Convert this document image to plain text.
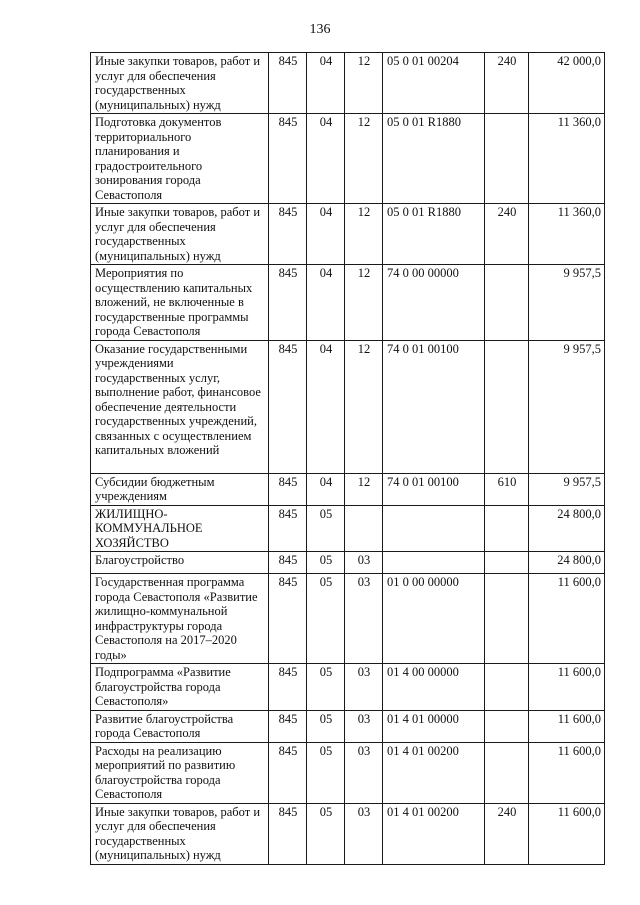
136
Иные закупки товаров, работ и услуг для обеспечения государственных (муниципальных) нужд	845	04	12	05 0 01 00204	240	42 000,0
Подготовка документов территориального планирования и градостроительного зонирования города Севастополя	845	04	12	05 0 01 R1880		11 360,0
Иные закупки товаров, работ и услуг для обеспечения государственных (муниципальных) нужд	845	04	12	05 0 01 R1880	240	11 360,0
Мероприятия по осуществлению капитальных вложений, не включенные в государственные программы города Севастополя	845	04	12	74 0 00 00000		9 957,5
Оказание государственными учреждениями государственных услуг, выполнение работ, финансовое обеспечение деятельности государственных учреждений, связанных с осуществлением капитальных вложений	845	04	12	74 0 01 00100		9 957,5
Субсидии бюджетным учреждениям	845	04	12	74 0 01 00100	610	9 957,5
ЖИЛИЩНО-КОММУНАЛЬНОЕ ХОЗЯЙСТВО	845	05				24 800,0
Благоустройство	845	05	03			24 800,0
Государственная программа города Севастополя «Развитие жилищно-коммунальной инфраструктуры города Севастополя на 2017–2020 годы»	845	05	03	01 0 00 00000		11 600,0
Подпрограмма «Развитие благоустройства города Севастополя»	845	05	03	01 4 00 00000		11 600,0
Развитие благоустройства города Севастополя	845	05	03	01 4 01 00000		11 600,0
Расходы на реализацию мероприятий по развитию благоустройства города Севастополя	845	05	03	01 4 01 00200		11 600,0
Иные закупки товаров, работ и услуг для обеспечения государственных (муниципальных) нужд	845	05	03	01 4 01 00200	240	11 600,0
